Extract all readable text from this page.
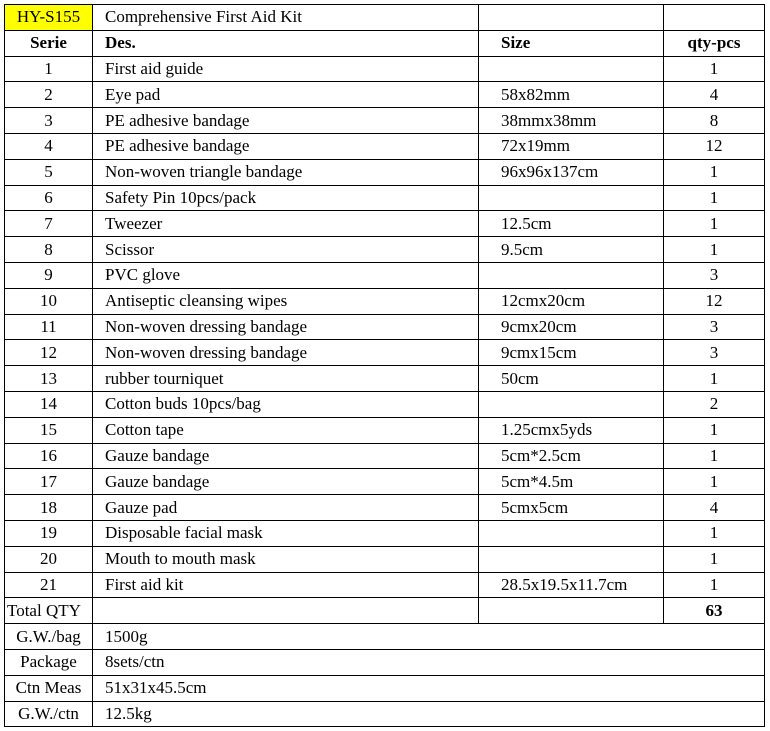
HY-S155	Comprehensive First Aid Kit		
Serie	Des.	Size	qty-pcs
1	First aid guide		1
2	Eye pad	58x82mm	4
3	PE adhesive bandage	38mmx38mm	8
4	PE adhesive bandage	72x19mm	12
5	Non-woven triangle bandage	96x96x137cm	1
6	Safety Pin 10pcs/pack		1
7	Tweezer	12.5cm	1
8	Scissor	9.5cm	1
9	PVC glove		3
10	Antiseptic cleansing wipes	12cmx20cm	12
11	Non-woven dressing bandage	9cmx20cm	3
12	Non-woven dressing bandage	9cmx15cm	3
13	rubber tourniquet	50cm	1
14	Cotton buds 10pcs/bag		2
15	Cotton tape	1.25cmx5yds	1
16	Gauze bandage	5cm*2.5cm	1
17	Gauze bandage	5cm*4.5m	1
18	Gauze pad	5cmx5cm	4
19	Disposable facial mask		1
20	Mouth to mouth mask		1
21	First aid kit	28.5x19.5x11.7cm	1
Total QTY			63
G.W./bag	1500g		
Package	8sets/ctn		
Ctn Meas	51x31x45.5cm		
G.W./ctn	12.5kg		
